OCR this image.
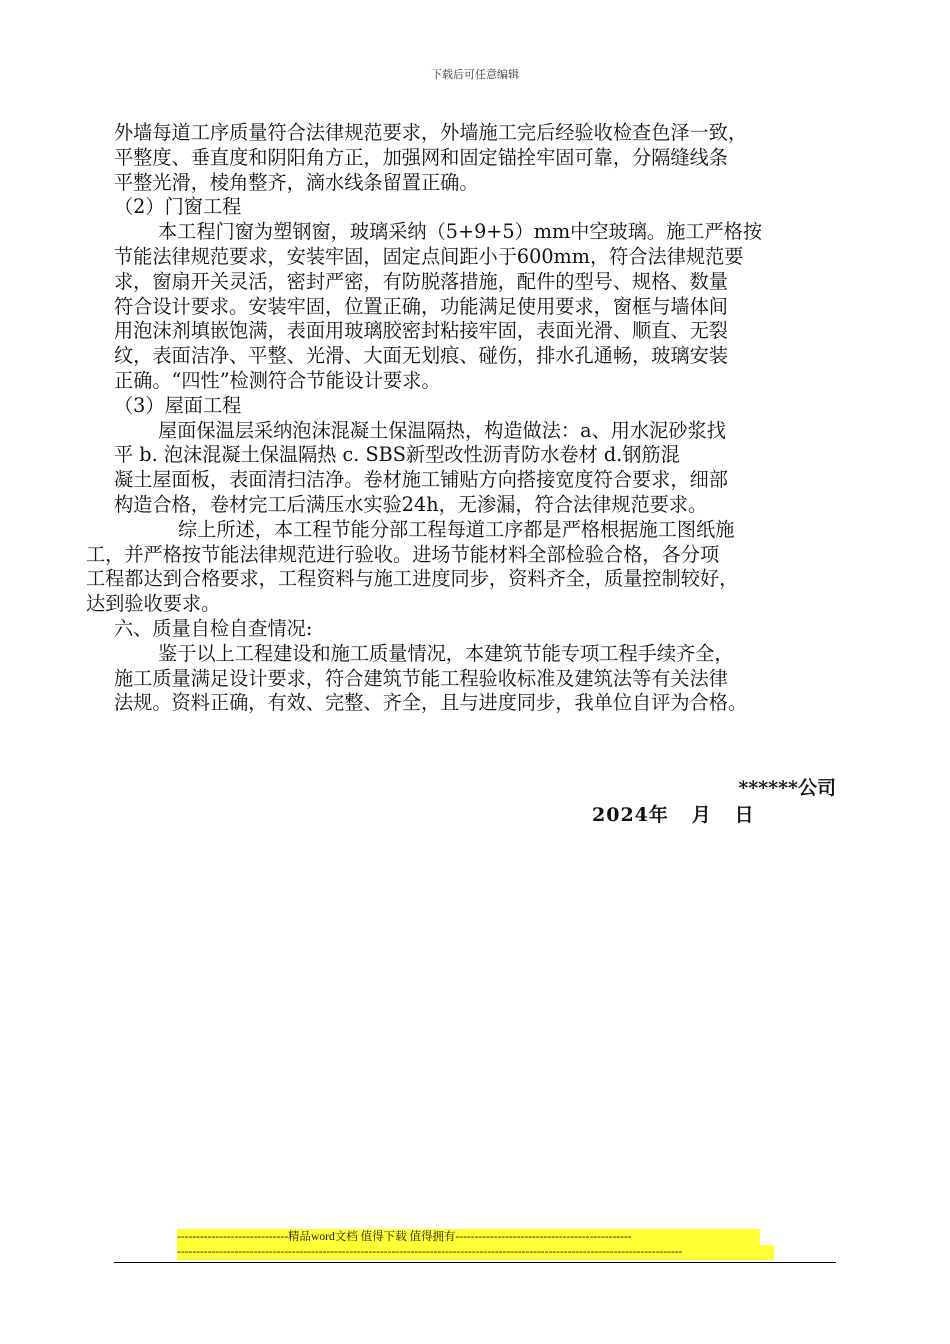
下载后可任意编辑

外墙每道工序质量符合法律规范要求，外墙施工完后经验收检查色泽一致，

平整度、垂直度和阴阳角方正，加强网和固定锚拴牢固可靠，分隔缝线条

平整光滑，棱角整齐，滴水线条留置正确。

（2）门窗工程

本工程门窗为塑钢窗，玻璃采纳（5+9+5）mm中空玻璃。施工严格按

节能法律规范要求，安装牢固，固定点间距小于600mm，符合法律规范要

求，窗扇开关灵活，密封严密，有防脱落措施，配件的型号、规格、数量

符合设计要求。安装牢固，位置正确，功能满足使用要求，窗框与墙体间

用泡沫剂填嵌饱满，表面用玻璃胶密封粘接牢固，表面光滑、顺直、无裂

纹，表面洁净、平整、光滑、大面无划痕、碰伤，排水孔通畅，玻璃安装

正确。“四性”检测符合节能设计要求。

（3）屋面工程

屋面保温层采纳泡沫混凝土保温隔热，构造做法：a、用水泥砂浆找

平 b. 泡沫混凝土保温隔热 c. SBS新型改性沥青防水卷材 d.钢筋混

凝土屋面板，表面清扫洁净。卷材施工铺贴方向搭接宽度符合要求，细部

构造合格，卷材完工后满压水实验24h，无渗漏，符合法律规范要求。

综上所述，本工程节能分部工程每道工序都是严格根据施工图纸施

工，并严格按节能法律规范进行验收。进场节能材料全部检验合格，各分项

工程都达到合格要求，工程资料与施工进度同步，资料齐全，质量控制较好，

达到验收要求。

六、质量自检自查情况:

鉴于以上工程建设和施工质量情况，本建筑节能专项工程手续齐全，

施工质量满足设计要求，符合建筑节能工程验收标准及建筑法等有关法律

法规。资料正确，有效、完整、齐全，且与进度同步，我单位自评为合格。

******公司
2024年   月   日
-----------------------------精品word文档 值得下载 值得拥有----------------------------------------------
------------------------------------------------------------------------------------------------------------------------------------
